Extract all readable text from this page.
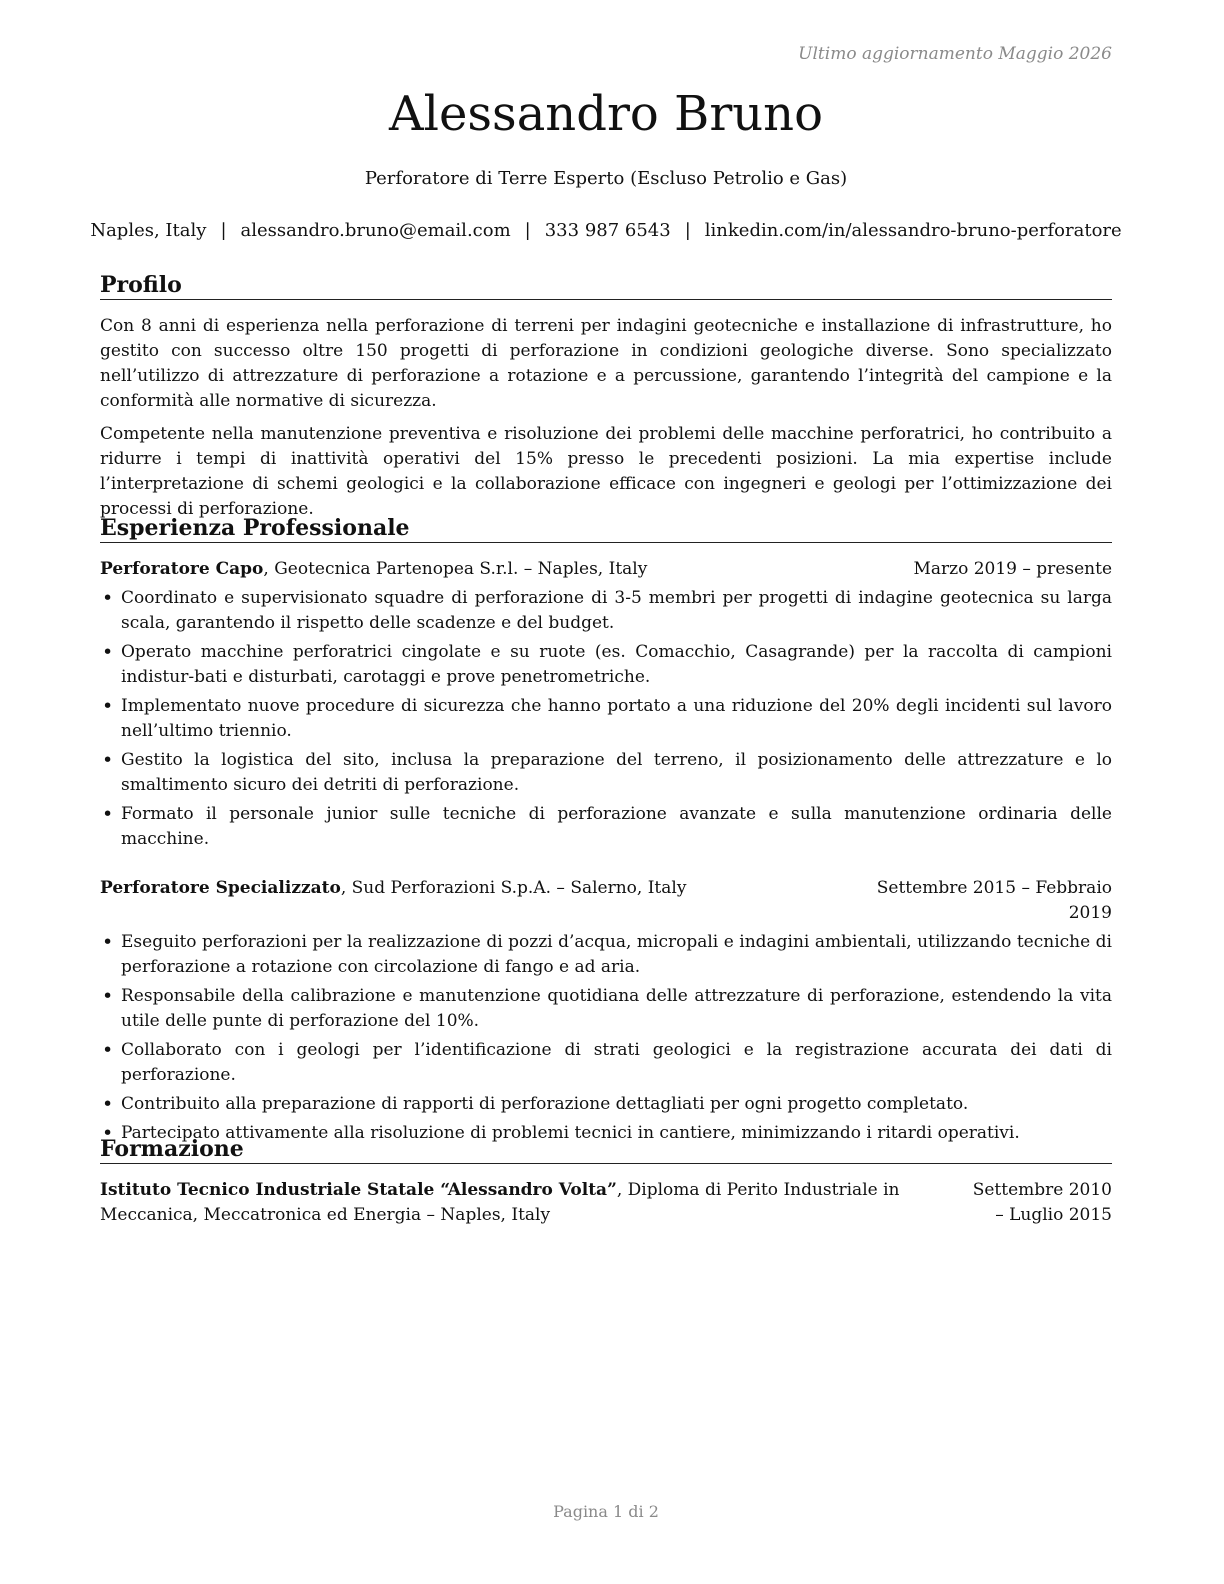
Ultimo aggiornamento Maggio 2026
Alessandro Bruno
Perforatore di Terre Esperto (Escluso Petrolio e Gas)
Naples, Italy | alessandro.bruno@email.com | 333 987 6543 | linkedin.com/in/alessandro-bruno-perforatore
Profilo

Con 8 anni di esperienza nella perforazione di terreni per indagini geotecniche e installazione di infrastrutture, ho gestito con successo oltre 150 progetti di perforazione in condizioni geologiche diverse. Sono specializzato nell’utilizzo di attrezzature di perforazione a rotazione e a percussione, garantendo l’integrità del campione e la conformità alle normative di sicurezza.

Competente nella manutenzione preventiva e risoluzione dei problemi delle macchine perforatrici, ho contribuito a ridurre i tempi di inattività operativi del 15% presso le precedenti posizioni. La mia expertise include l’interpretazione di schemi geologici e la collaborazione efficace con ingegneri e geologi per l’ottimizzazione dei processi di perforazione.

Esperienza Professionale
Perforatore Capo, Geotecnica Partenopea S.r.l. – Naples, Italy	Marzo 2019 – presente
• Coordinato e supervisionato squadre di perforazione di 3-5 membri per progetti di indagine geotecnica su larga scala, garantendo il rispetto delle scadenze e del budget.
• Operato macchine perforatrici cingolate e su ruote (es. Comacchio, Casagrande) per la raccolta di campioni indistur-bati e disturbati, carotaggi e prove penetrometriche.
• Implementato nuove procedure di sicurezza che hanno portato a una riduzione del 20% degli incidenti sul lavoro nell’ultimo triennio.
• Gestito la logistica del sito, inclusa la preparazione del terreno, il posizionamento delle attrezzature e lo smaltimento sicuro dei detriti di perforazione.
• Formato il personale junior sulle tecniche di perforazione avanzate e sulla manutenzione ordinaria delle macchine.
Perforatore Specializzato, Sud Perforazioni S.p.A. – Salerno, Italy	Settembre 2015 – Febbraio 2019
• Eseguito perforazioni per la realizzazione di pozzi d’acqua, micropali e indagini ambientali, utilizzando tecniche di perforazione a rotazione con circolazione di fango e ad aria.
• Responsabile della calibrazione e manutenzione quotidiana delle attrezzature di perforazione, estendendo la vita utile delle punte di perforazione del 10%.
• Collaborato con i geologi per l’identificazione di strati geologici e la registrazione accurata dei dati di perforazione.
• Contribuito alla preparazione di rapporti di perforazione dettagliati per ogni progetto completato.
• Partecipato attivamente alla risoluzione di problemi tecnici in cantiere, minimizzando i ritardi operativi.
Formazione
Istituto Tecnico Industriale Statale “Alessandro Volta”, Diploma di Perito Industriale in Meccanica, Meccatronica ed Energia – Naples, Italy
Settembre 2010 – Luglio 2015
Pagina 1 di 2
